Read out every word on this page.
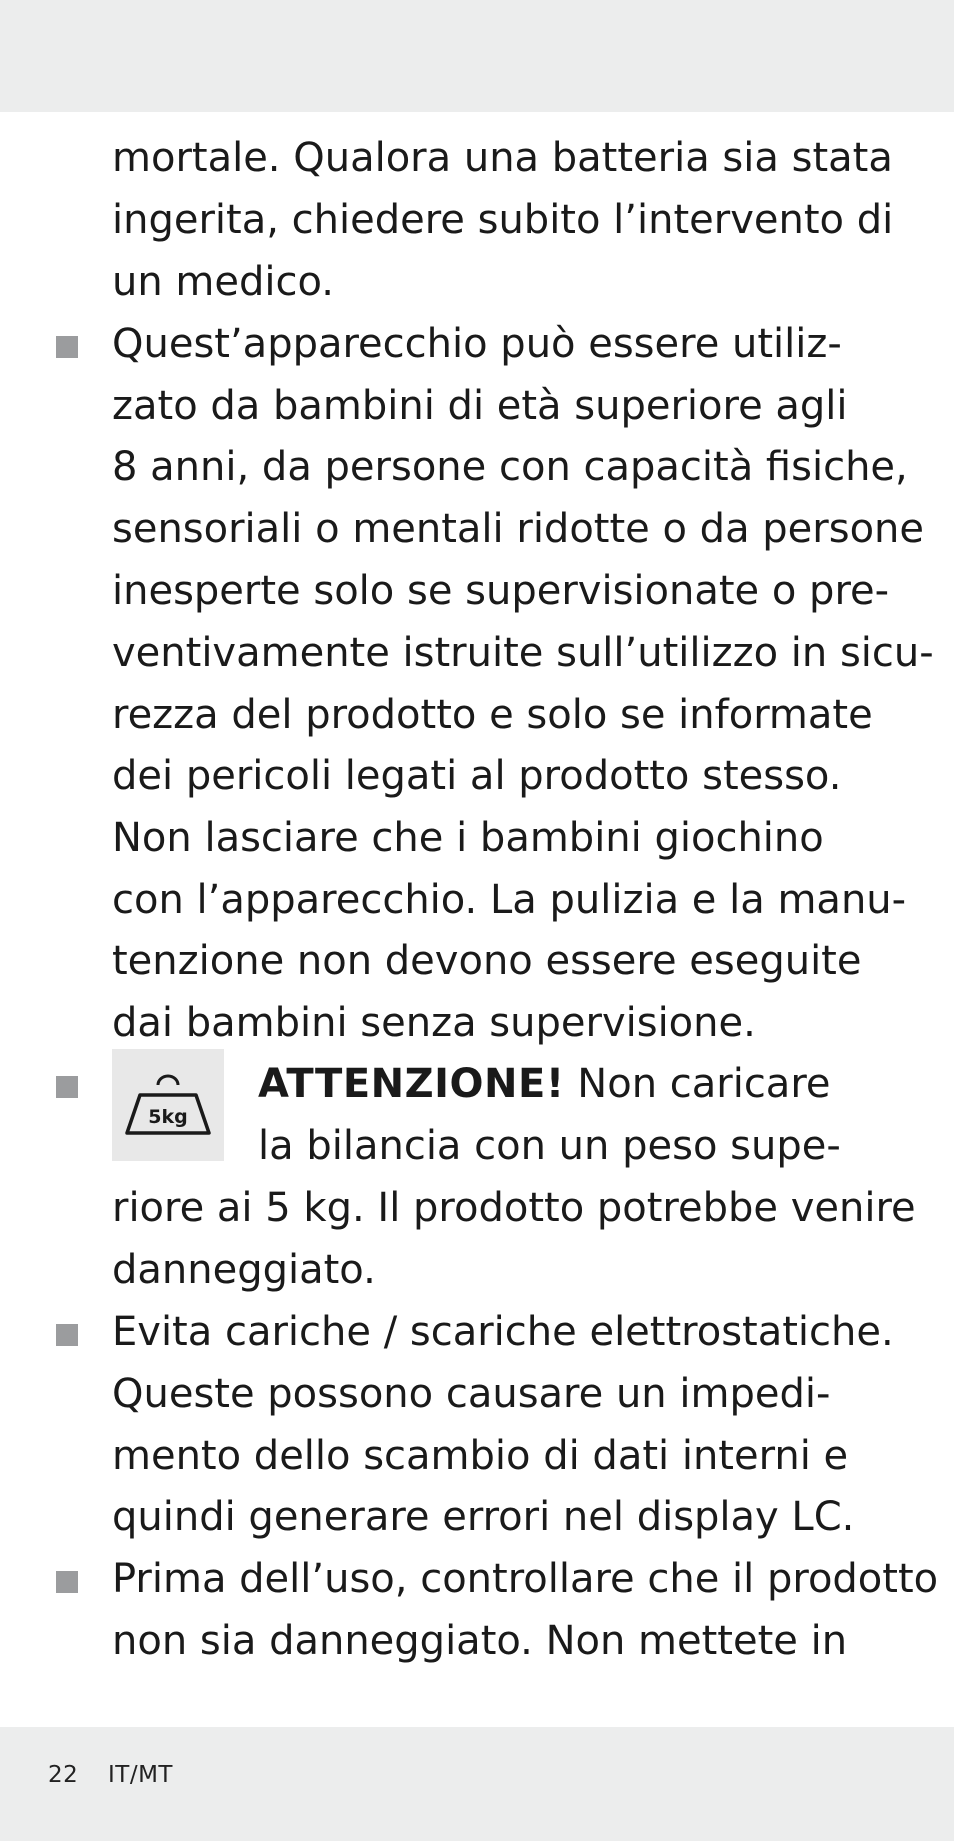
mortale. Qualora una batteria sia stata
ingerita, chiedere subito l’intervento di
un medico.
Quest’apparecchio può essere utiliz-
zato da bambini di età superiore agli
8 anni, da persone con capacità fisiche,
sensoriali o mentali ridotte o da persone
inesperte solo se supervisionate o pre-
ventivamente istruite sull’utilizzo in sicu-
rezza del prodotto e solo se informate
dei pericoli legati al prodotto stesso.
Non lasciare che i bambini giochino
con l’apparecchio. La pulizia e la manu-
tenzione non devono essere eseguite
dai bambini senza supervisione.
5kg
ATTENZIONE! Non caricare
la bilancia con un peso supe-
riore ai 5 kg. Il prodotto potrebbe venire
danneggiato.
Evita cariche / scariche elettrostatiche.
Queste possono causare un impedi-
mento dello scambio di dati interni e
quindi generare errori nel display LC.
Prima dell’uso, controllare che il prodotto
non sia danneggiato. Non mettete in
22 IT/MT
